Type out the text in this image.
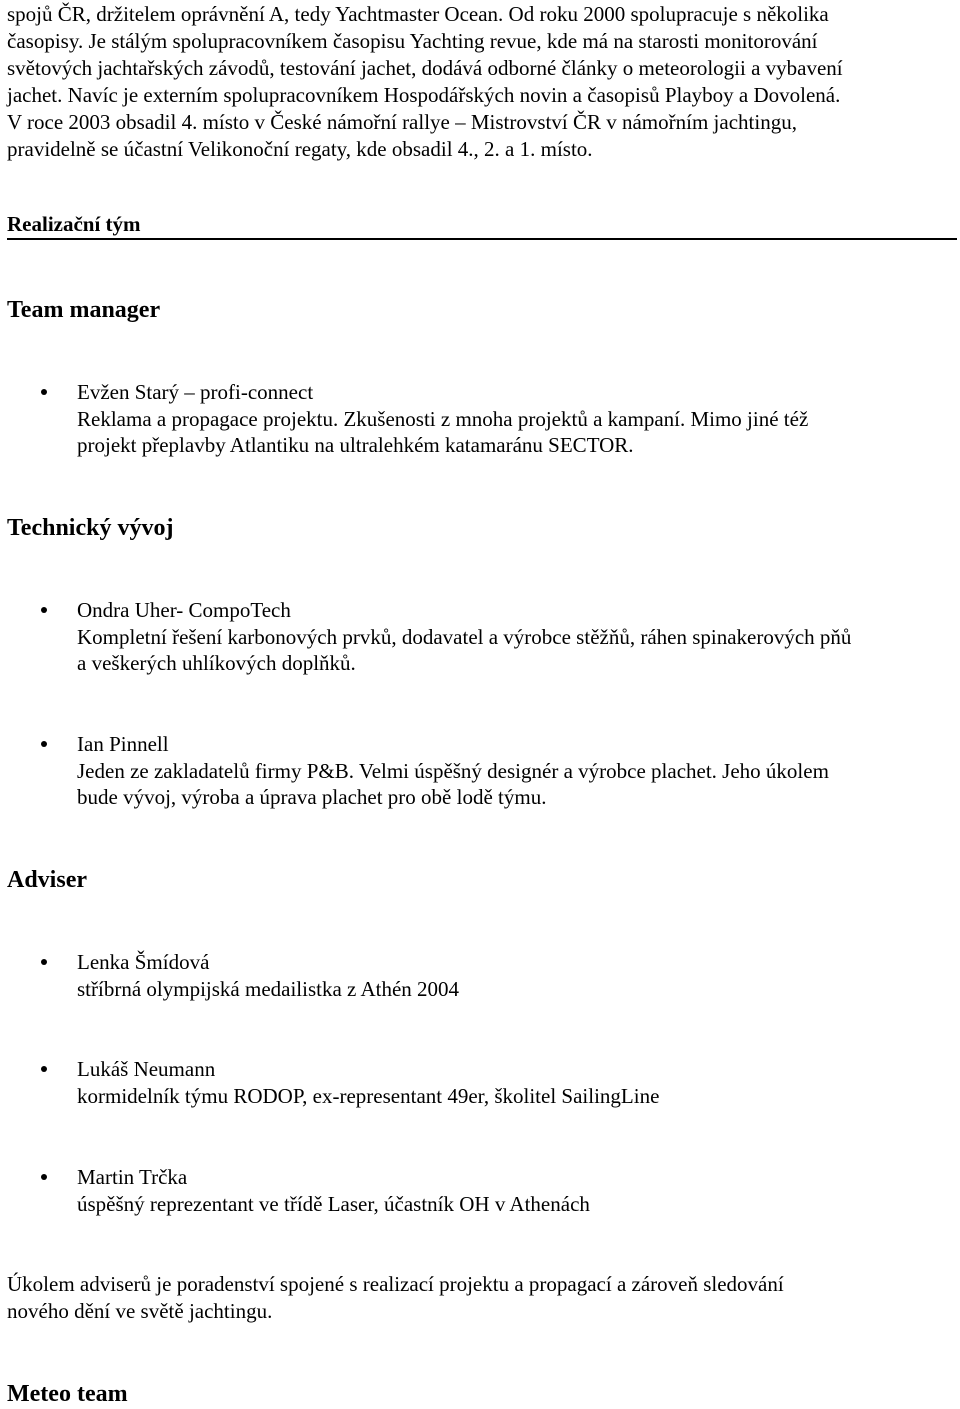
spojů ČR, držitelem oprávnění A, tedy Yachtmaster Ocean. Od roku 2000 spolupracuje s několika
časopisy. Je stálým spolupracovníkem časopisu Yachting revue, kde má na starosti monitorování
světových jachtařských závodů, testování jachet, dodává odborné články o meteorologii a vybavení
jachet. Navíc je externím spolupracovníkem Hospodářských novin a časopisů Playboy a Dovolená.
V roce 2003 obsadil 4. místo v České námořní rallye – Mistrovství ČR v námořním jachtingu,
pravidelně se účastní Velikonoční regaty, kde obsadil 4., 2. a 1. místo.

Realizační tým
Team manager
Evžen Starý – profi-connect
Reklama a propagace projektu. Zkušenosti z mnoha projektů a kampaní. Mimo jiné též
projekt přeplavby Atlantiku na ultralehkém katamaránu SECTOR.
Technický vývoj
Ondra Uher- CompoTech
Kompletní řešení karbonových prvků, dodavatel a výrobce stěžňů, ráhen spinakerových pňů
a veškerých uhlíkových doplňků.
Ian Pinnell
Jeden ze zakladatelů firmy P&B. Velmi úspěšný designér a výrobce plachet. Jeho úkolem
bude vývoj, výroba a úprava plachet pro obě lodě týmu.
Adviser
Lenka Šmídová
stříbrná olympijská medailistka z Athén 2004
Lukáš Neumann
kormidelník týmu RODOP, ex-representant 49er, školitel SailingLine
Martin Trčka
úspěšný reprezentant ve třídě Laser, účastník OH v Athenách
Úkolem adviserů je poradenství spojené s realizací projektu a propagací a zároveň sledování
nového dění ve světě jachtingu.
Meteo team
